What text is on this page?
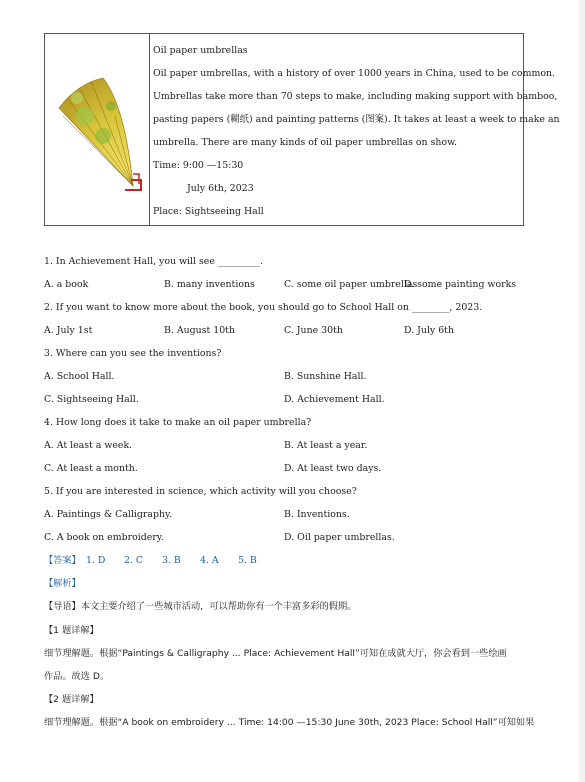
Oil paper umbrellas
Oil paper umbrellas, with a history of over 1000 years in China, used to be common.
Umbrellas take more than 70 steps to make, including making support with bamboo,
pasting papers (糊纸) and painting patterns (图案). It takes at least a week to make an
umbrella. There are many kinds of oil paper umbrellas on show.
Time: 9:00 —15:30
July 6th, 2023
Place: Sightseeing Hall
1. In Achievement Hall, you will see _________.
A. a book	B. many inventions	C. some oil paper umbrellas
D. some painting works
2. If you want to know more about the book, you should go to School Hall on ________, 2023.
A. July 1st	B. August 10th	C. June 30th	D. July 6th
3. Where can you see the inventions?
A. School Hall.	B. Sunshine Hall.
C. Sightseeing Hall.	D. Achievement Hall.
4. How long does it take to make an oil paper umbrella?
A. At least a week.	B. At least a year.
C. At least a month.	D. At least two days.
5. If you are interested in science, which activity will you choose?
A. Paintings & Calligraphy.	B. Inventions.
C. A book on embroidery.	D. Oil paper umbrellas.
【答案】 1. D 2. C 3. B 4. A 5. B
【解析】
【导语】本文主要介绍了一些城市活动，可以帮助你有一个丰富多彩的假期。
【1 题详解】
细节理解题。根据“Paintings & Calligraphy ... Place: Achievement Hall”可知在成就大厅，你会看到一些绘画
作品。故选 D。
【2 题详解】
细节理解题。根据“A book on embroidery ... Time: 14:00 —15:30 June 30th, 2023 Place: School Hall”可知如果
